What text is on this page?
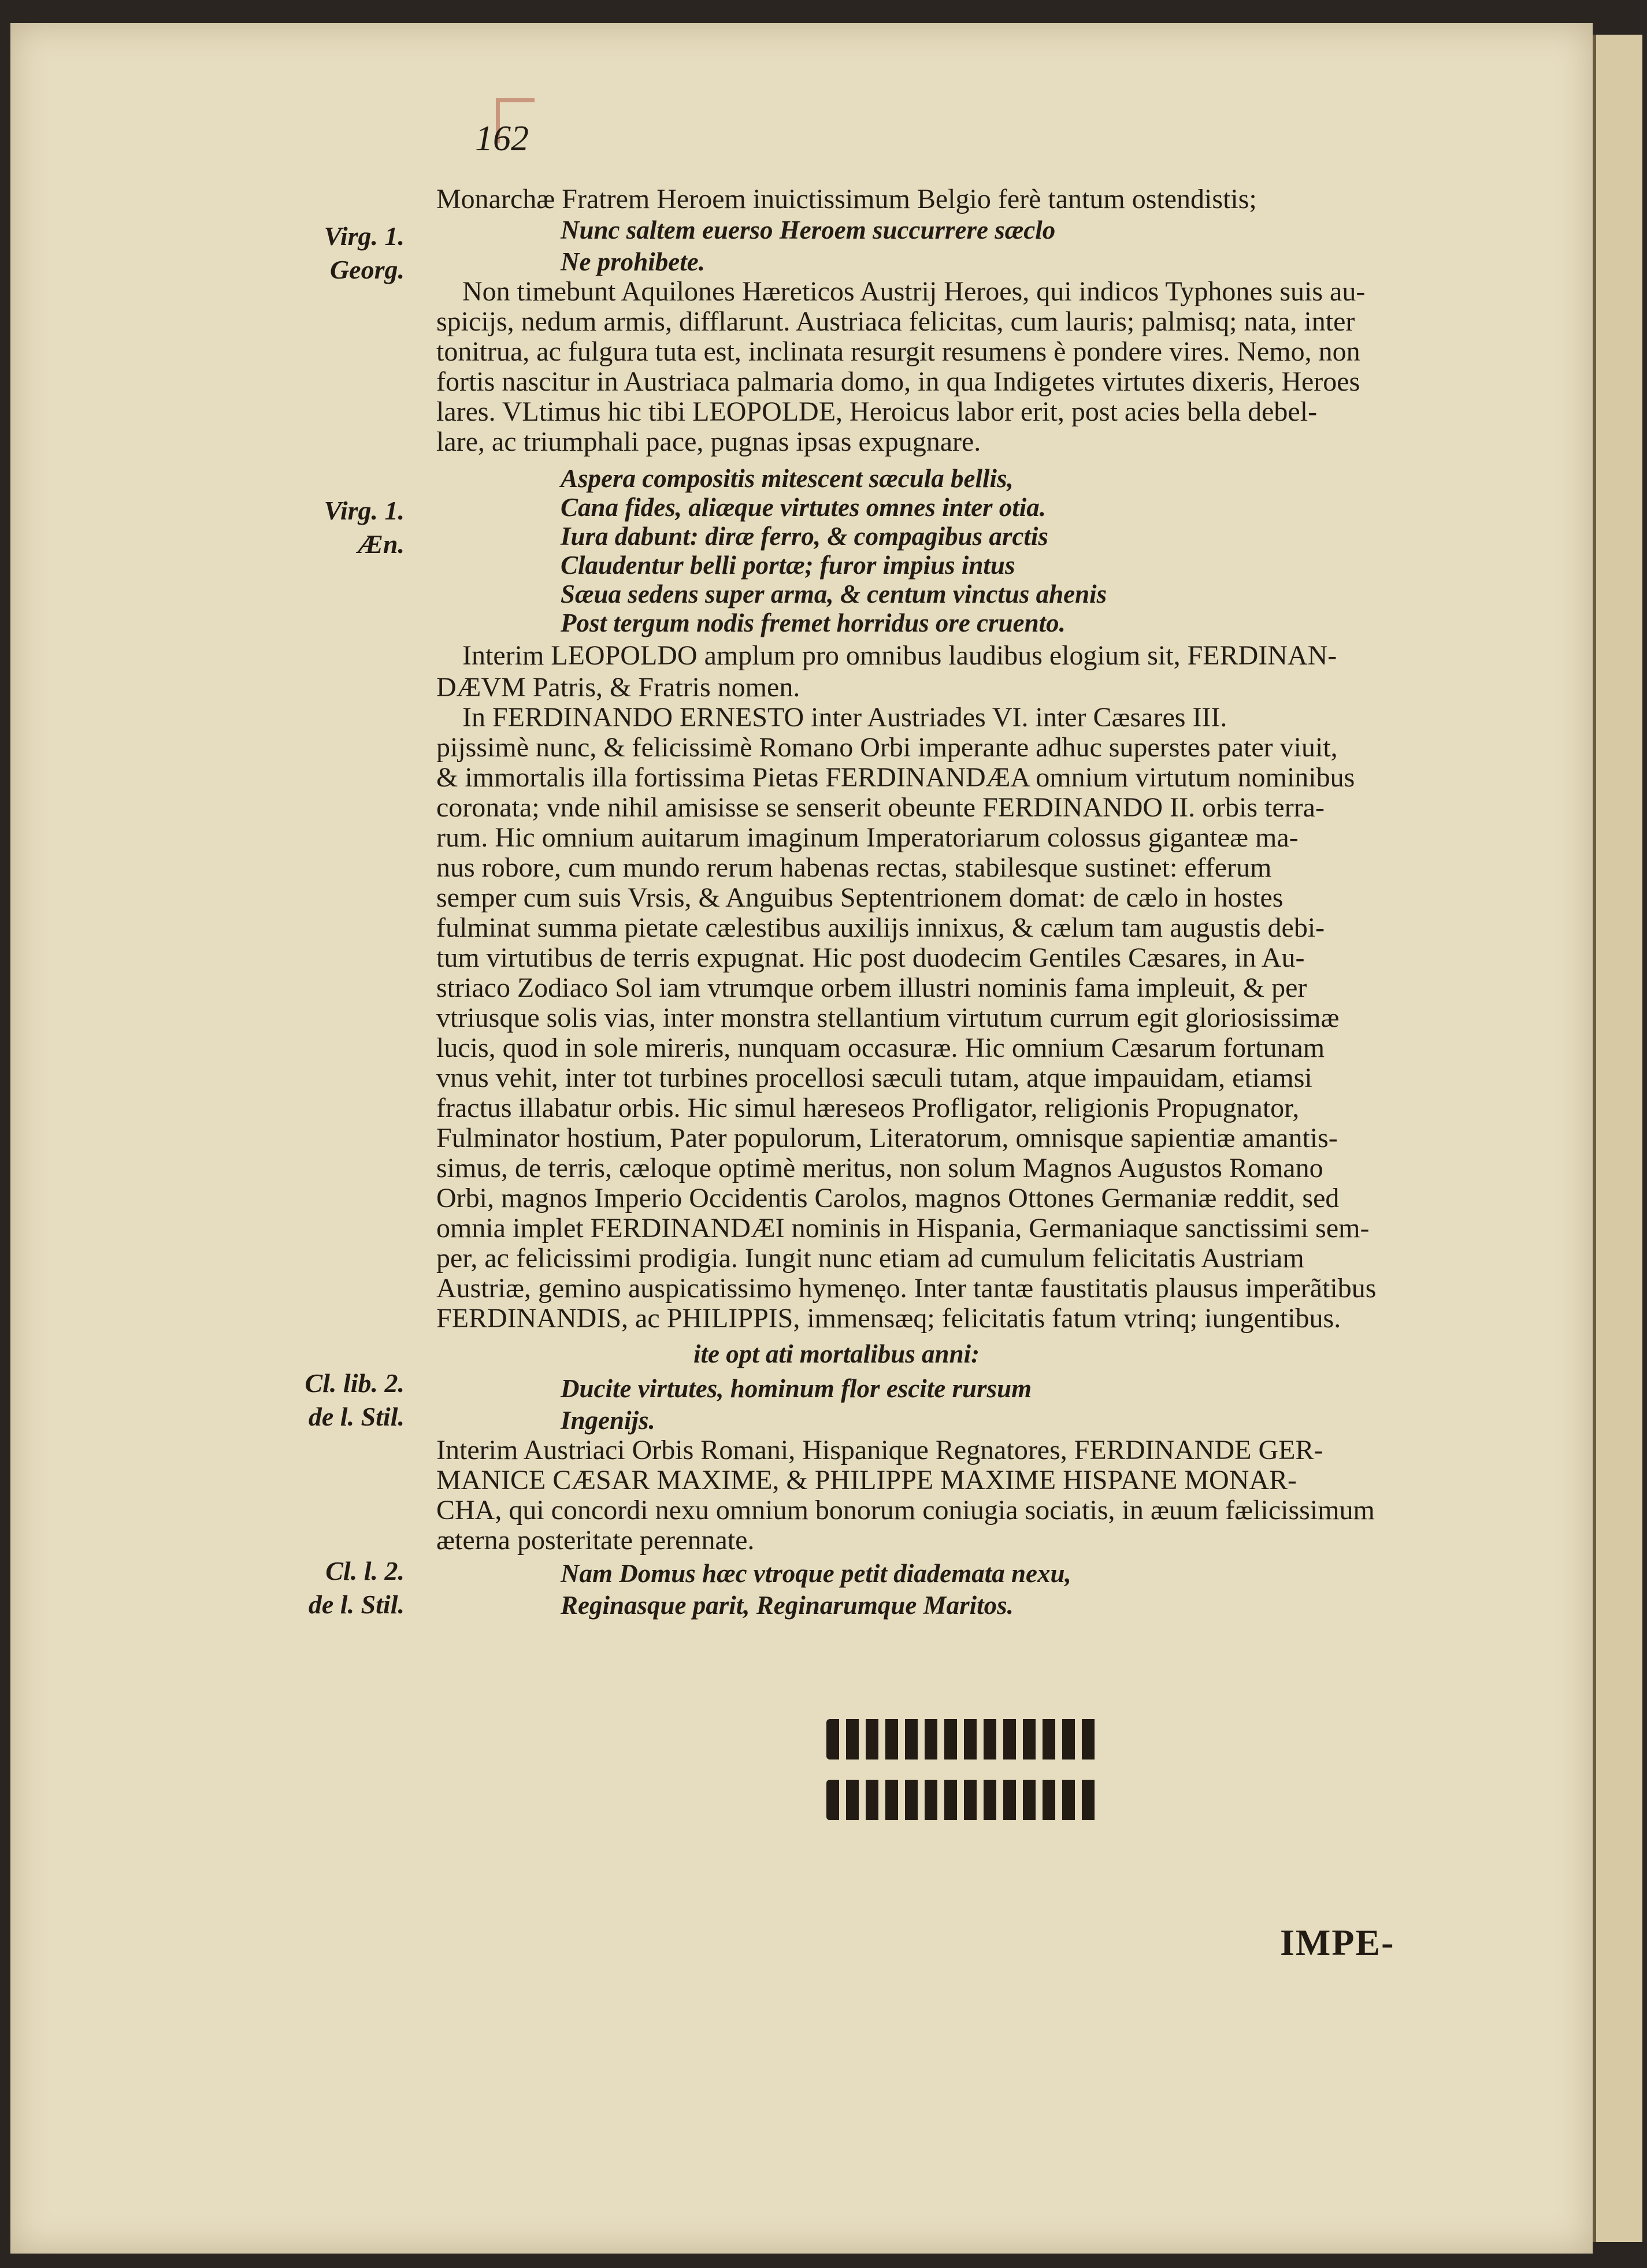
162
Virg. 1.
Georg.
Virg. 1.
Æn.
Cl. lib. 2.
de l. Stil.
Cl. l. 2.
de l. Stil.
Monarchæ Fratrem Heroem inuictissimum Belgio ferè tantum ostendistis;
Nunc saltem euerso Heroem succurrere sæclo
Ne prohibete.
Non timebunt Aquilones Hæreticos Austrij Heroes, qui indicos Typhones suis au-
spicijs, nedum armis, difflarunt. Austriaca felicitas, cum lauris; palmisq; nata, inter
tonitrua, ac fulgura tuta est, inclinata resurgit resumens è pondere vires. Nemo, non
fortis nascitur in Austriaca palmaria domo, in qua Indigetes virtutes dixeris, Heroes
lares. VLtimus hic tibi LEOPOLDE, Heroicus labor erit, post acies bella debel-
lare, ac triumphali pace, pugnas ipsas expugnare.
Aspera compositis mitescent sæcula bellis,
Cana fides, aliæque virtutes omnes inter otia.
Iura dabunt: diræ ferro, & compagibus arctis
Claudentur belli portæ; furor impius intus
Sæua sedens super arma, & centum vinctus ahenis
Post tergum nodis fremet horridus ore cruento.
Interim LEOPOLDO amplum pro omnibus laudibus elogium sit, FERDINAN-
DÆVM Patris, & Fratris nomen.
In FERDINANDO ERNESTO inter Austriades VI. inter Cæsares III.
pijssimè nunc, & felicissimè Romano Orbi imperante adhuc superstes pater viuit,
& immortalis illa fortissima Pietas FERDINANDÆA omnium virtutum nominibus
coronata; vnde nihil amisisse se senserit obeunte FERDINANDO II. orbis terra-
rum. Hic omnium auitarum imaginum Imperatoriarum colossus giganteæ ma-
nus robore, cum mundo rerum habenas rectas, stabilesque sustinet: efferum
semper cum suis Vrsis, & Anguibus Septentrionem domat: de cælo in hostes
fulminat summa pietate cælestibus auxilijs innixus, & cælum tam augustis debi-
tum virtutibus de terris expugnat. Hic post duodecim Gentiles Cæsares, in Au-
striaco Zodiaco Sol iam vtrumque orbem illustri nominis fama impleuit, & per
vtriusque solis vias, inter monstra stellantium virtutum currum egit gloriosissimæ
lucis, quod in sole mireris, nunquam occasuræ. Hic omnium Cæsarum fortunam
vnus vehit, inter tot turbines procellosi sæculi tutam, atque impauidam, etiamsi
fractus illabatur orbis. Hic simul hæreseos Profligator, religionis Propugnator,
Fulminator hostium, Pater populorum, Literatorum, omnisque sapientiæ amantis-
simus, de terris, cæloque optimè meritus, non solum Magnos Augustos Romano
Orbi, magnos Imperio Occidentis Carolos, magnos Ottones Germaniæ reddit, sed
omnia implet FERDINANDÆI nominis in Hispania, Germaniaque sanctissimi sem-
per, ac felicissimi prodigia. Iungit nunc etiam ad cumulum felicitatis Austriam
Austriæ, gemino auspicatissimo hymenęo. Inter tantæ faustitatis plausus imperãtibus
FERDINANDIS, ac PHILIPPIS, immensæq; felicitatis fatum vtrinq; iungentibus.
ite opt ati mortalibus anni:
Ducite virtutes, hominum flor escite rursum
Ingenijs.
Interim Austriaci Orbis Romani, Hispanique Regnatores, FERDINANDE GER-
MANICE CÆSAR MAXIME, & PHILIPPE MAXIME HISPANE MONAR-
CHA, qui concordi nexu omnium bonorum coniugia sociatis, in æuum fælicissimum
æterna posteritate perennate.
Nam Domus hæc vtroque petit diademata nexu,
Reginasque parit, Reginarumque Maritos.
IMPE-
